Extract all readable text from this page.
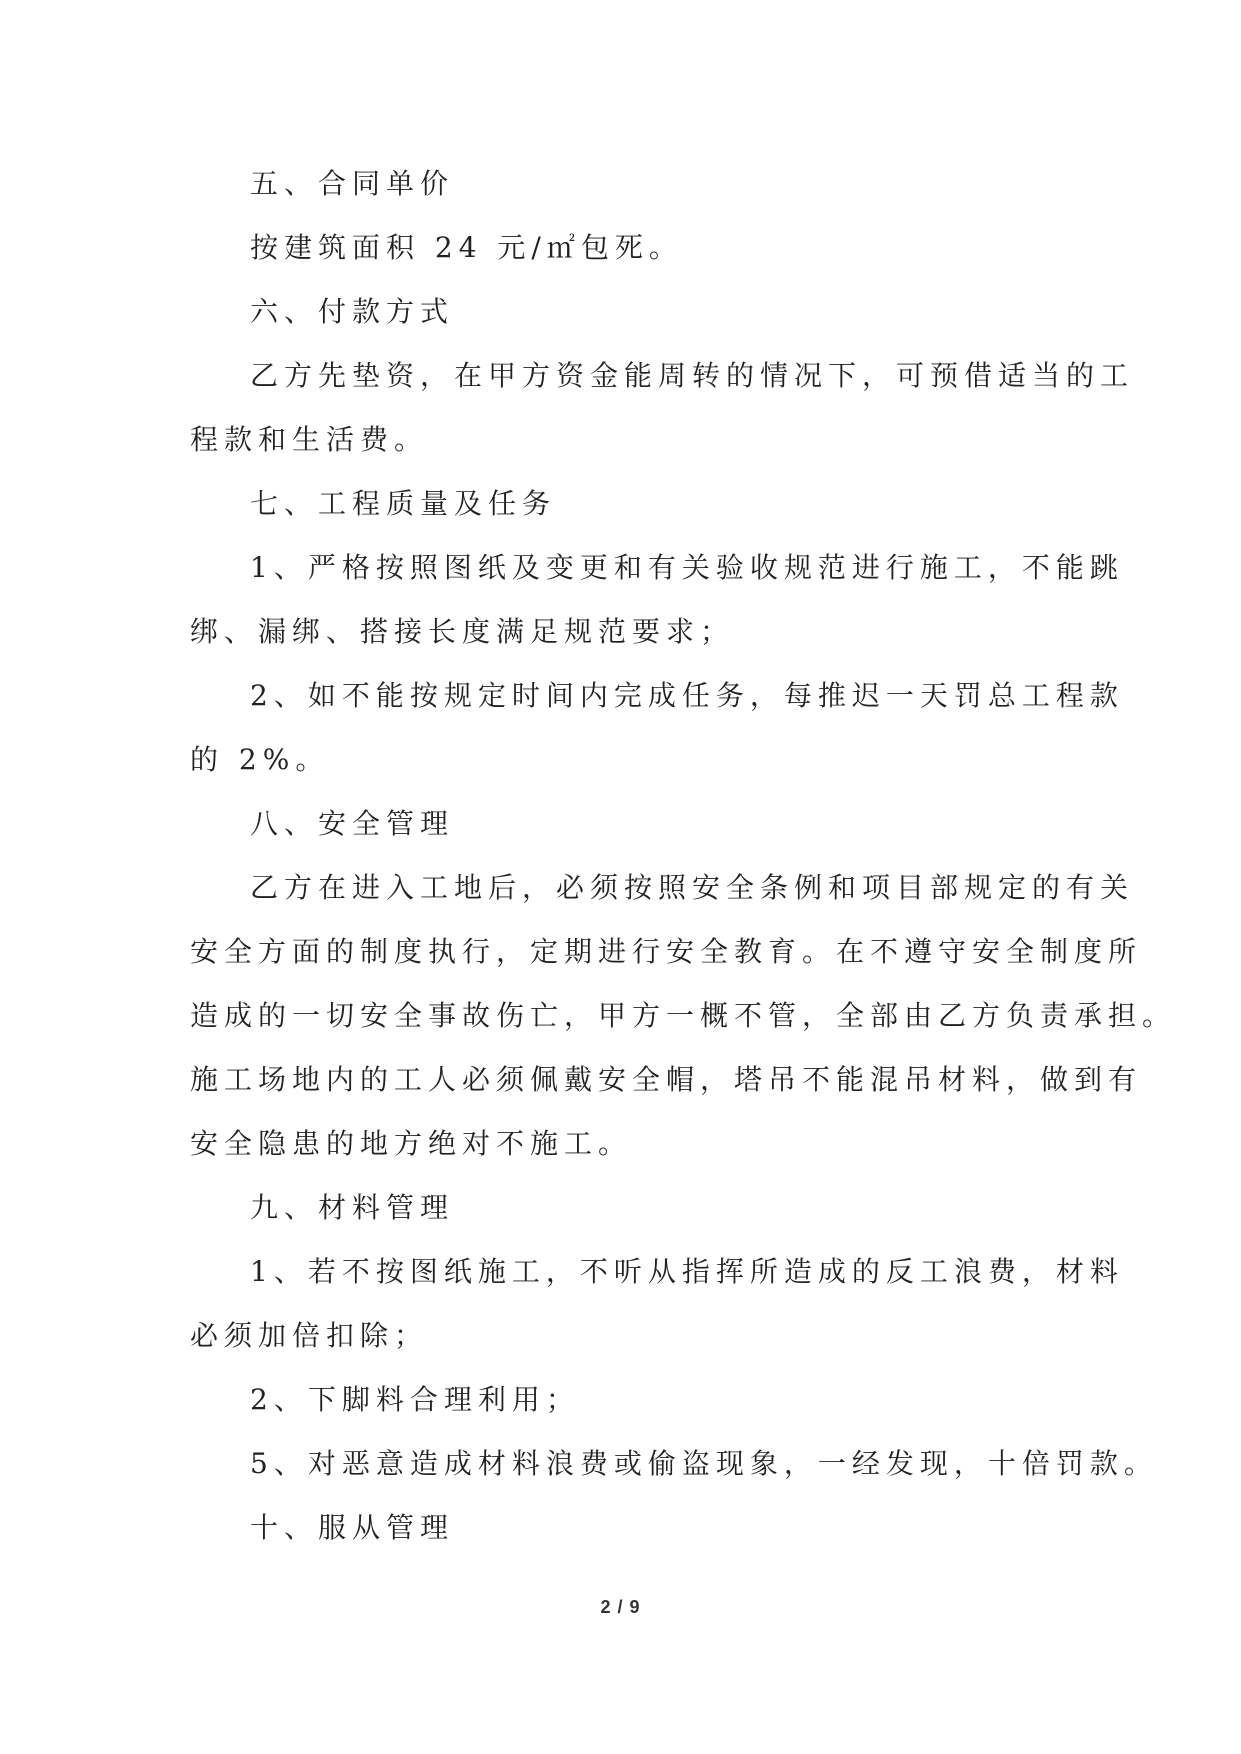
五、合同单价
按建筑面积 24 元/㎡包死。
六、付款方式
乙方先垫资，在甲方资金能周转的情况下，可预借适当的工
程款和生活费。
七、工程质量及任务
1、严格按照图纸及变更和有关验收规范进行施工，不能跳
绑、漏绑、搭接长度满足规范要求；
2、如不能按规定时间内完成任务，每推迟一天罚总工程款
的 2%。
八、安全管理
乙方在进入工地后，必须按照安全条例和项目部规定的有关
安全方面的制度执行，定期进行安全教育。在不遵守安全制度所
造成的一切安全事故伤亡，甲方一概不管，全部由乙方负责承担。
施工场地内的工人必须佩戴安全帽，塔吊不能混吊材料，做到有
安全隐患的地方绝对不施工。
九、材料管理
1、若不按图纸施工，不听从指挥所造成的反工浪费，材料
必须加倍扣除；
2、下脚料合理利用；
5、对恶意造成材料浪费或偷盗现象，一经发现，十倍罚款。
十、服从管理
2 / 9
